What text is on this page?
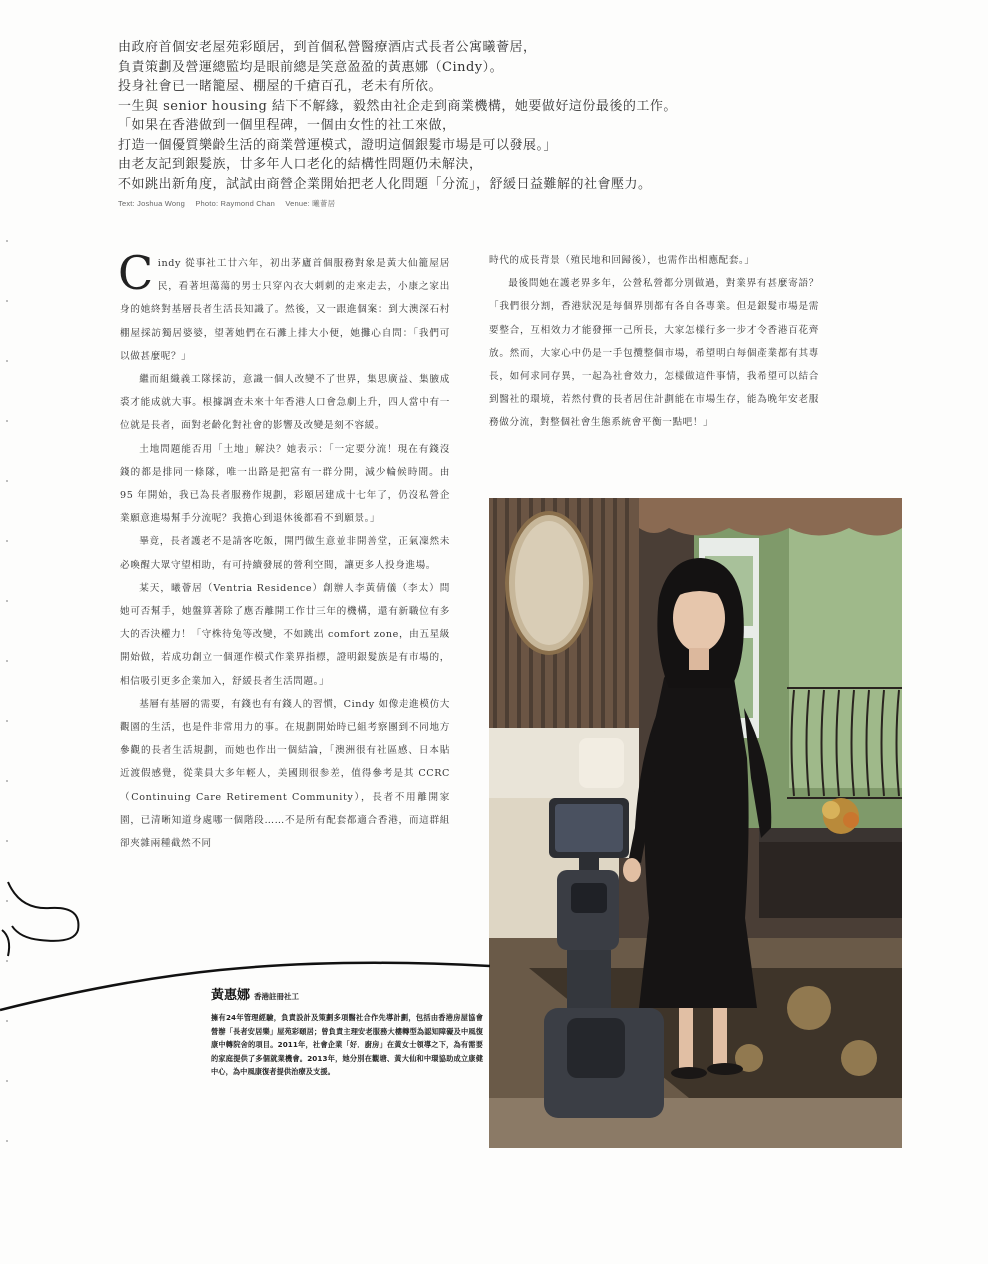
由政府首個安老屋苑彩頤居，到首個私營醫療酒店式長者公寓曦薈居，

負責策劃及營運總監均是眼前總是笑意盈盈的黃惠娜（Cindy）。

投身社會已一睹籠屋、棚屋的千瘡百孔，老未有所依。

一生與 senior housing 結下不解緣，毅然由社企走到商業機構，她要做好這份最後的工作。

「如果在香港做到一個里程碑，一個由女性的社工來做，

打造一個優質樂齡生活的商業營運模式，證明這個銀髮市場是可以發展。」

由老友記到銀髮族，廿多年人口老化的結構性問題仍未解決，

不如跳出新角度，試試由商營企業開始把老人化問題「分流」，舒緩日益難解的社會壓力。

Text: Joshua Wong Photo: Raymond Chan Venue: 曦薈居

Cindy 從事社工廿六年，初出茅廬首個服務對象是黃大仙籠屋居民，看著坦蕩蕩的男士只穿內衣大刺刺的走來走去，小康之家出身的她終對基層長者生活長知識了。然後，又一跟進個案：到大澳深石村棚屋採訪獨居婆婆，望著她們在石灘上排大小便，她攤心自問：「我們可以做甚麼呢？」

繼而組織義工隊採訪，意識一個人改變不了世界，集思廣益、集腋成裘才能成就大事。根據調查未來十年香港人口會急劇上升，四人當中有一位就是長者，面對老齡化對社會的影響及改變是刻不容緩。

土地問題能否用「土地」解決？她表示：「一定要分流！現在有錢沒錢的都是排同一條隊，唯一出路是把富有一群分開，減少輪候時間。由 95 年開始，我已為長者服務作規劃，彩頤居建成十七年了，仍沒私營企業願意進場幫手分流呢？我擔心到退休後都看不到願景。」

畢竟，長者護老不是請客吃飯，開門做生意並非開善堂，正氣凜然未必喚醒大眾守望相助，有可持續發展的營利空間，讓更多人投身進場。

某天，曦薈居（Ventria Residence）創辦人李黃倩儀（李太）問她可否幫手，她盤算著除了應否離開工作廿三年的機構，還有新職位有多大的否決權力！「守株待兔等改變，不如跳出 comfort zone，由五星級開始做，若成功創立一個運作模式作業界指標，證明銀髮族是有市場的，相信吸引更多企業加入，舒緩長者生活問題。」

基層有基層的需要，有錢也有有錢人的習慣，Cindy 如像走進模仿大觀園的生活，也是件非常用力的事。在規劃開始時已組考察團到不同地方參觀的長者生活規劃，而她也作出一個結論，「澳洲很有社區感、日本貼近渡假感覺，從業員大多年輕人，美國則很参差，值得參考是其 CCRC（Continuing Care Retirement Community），長者不用離開家園，已清晰知道身處哪一個階段……不是所有配套都適合香港，而這群組卻夾雜兩種截然不同

時代的成長背景（殖民地和回歸後），也需作出相應配套。」

最後問她在護老界多年，公營私營都分別做過，對業界有甚麼寄語？「我們很分割，香港狀況是每個界別都有各自各專業。但是銀髮市場是需要整合，互相效力才能發揮一己所長，大家怎樣行多一步才令香港百花齊放。然而，大家心中仍是一手包攬整個市場，希望明白每個產業都有其專長，如何求同存異，一起為社會效力，怎樣做這件事情，我希望可以結合到醫社的環境，若然付費的長者居住計劃能在市場生存，能為晚年安老服務做分流，對整個社會生態系統會平衡一點吧！」

黃惠娜 香港註冊社工
擁有24年管理經驗，負責設計及策劃多項醫社合作先導計劃，包括由香港房屋協會營辦「長者安居樂」屋苑彩頤居；曾負責主理安老服務大樓轉型為認知障礙及中風復康中轉院舍的項目。2011年，社會企業「好．廚房」在黃女士領導之下，為有需要的家庭提供了多個就業機會。2013年，她分別在觀塘、黃大仙和中環協助成立康健中心，為中風康復者提供治療及支援。
